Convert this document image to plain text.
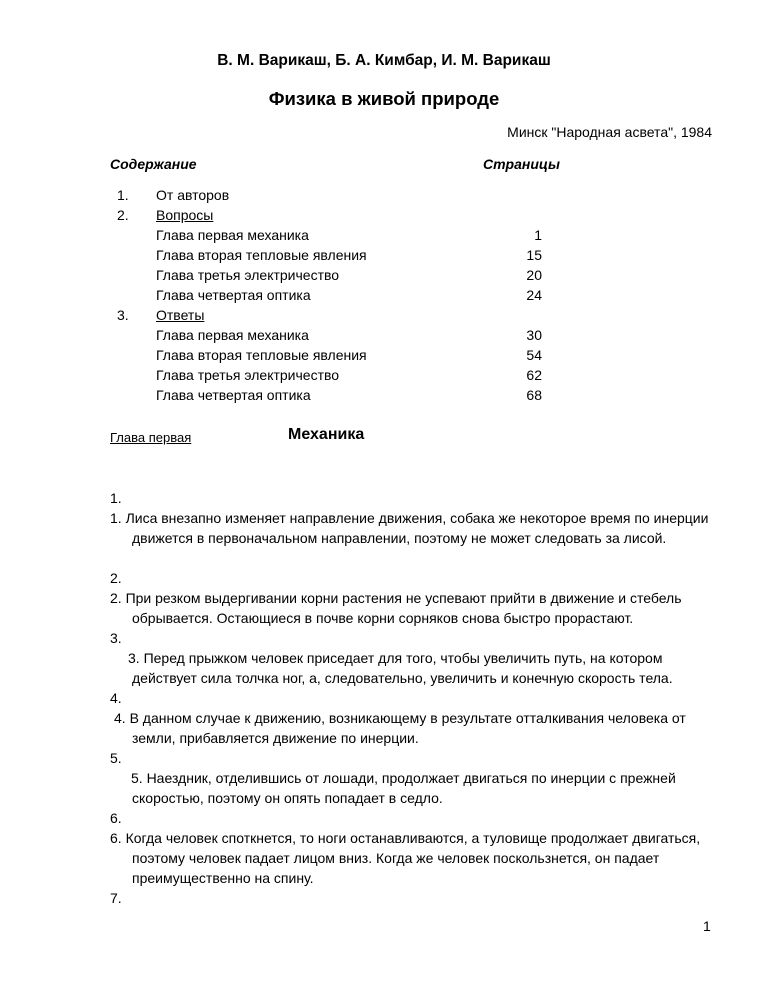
В. М. Варикаш, Б. А. Кимбар, И. М. Варикаш
Физика в живой природе
Минск "Народная асвета", 1984
Содержание	Страницы
1. От авторов
2. Вопросы
Глава первая механика	1
Глава вторая тепловые явления	15
Глава третья электричество	20
Глава четвертая оптика	24
3. Ответы
Глава первая механика	30
Глава вторая тепловые явления	54
Глава третья электричество	62
Глава четвертая оптика	68
Глава первая	Механика
1.
1. Лиса внезапно изменяет направление движения, собака же некоторое время по инерции движется в первоначальном направлении, поэтому не может следовать за лисой.
2.
2. При резком выдергивании корни растения не успевают прийти в движение и стебель обрывается. Остающиеся в почве корни сорняков снова быстро прорастают.
3.
3. Перед прыжком человек приседает для того, чтобы увеличить путь, на котором действует сила толчка ног, а, следовательно, увеличить и конечную скорость тела.
4.
4. В данном случае к движению, возникающему в результате отталкивания человека от земли, прибавляется движение по инерции.
5.
5. Наездник, отделившись от лошади, продолжает двигаться по инерции с прежней скоростью, поэтому он опять попадает в седло.
6.
6. Когда человек споткнется, то ноги останавливаются, а туловище продолжает двигаться, поэтому человек падает лицом вниз. Когда же человек поскользнется, он падает преимущественно на спину.
7.
1
